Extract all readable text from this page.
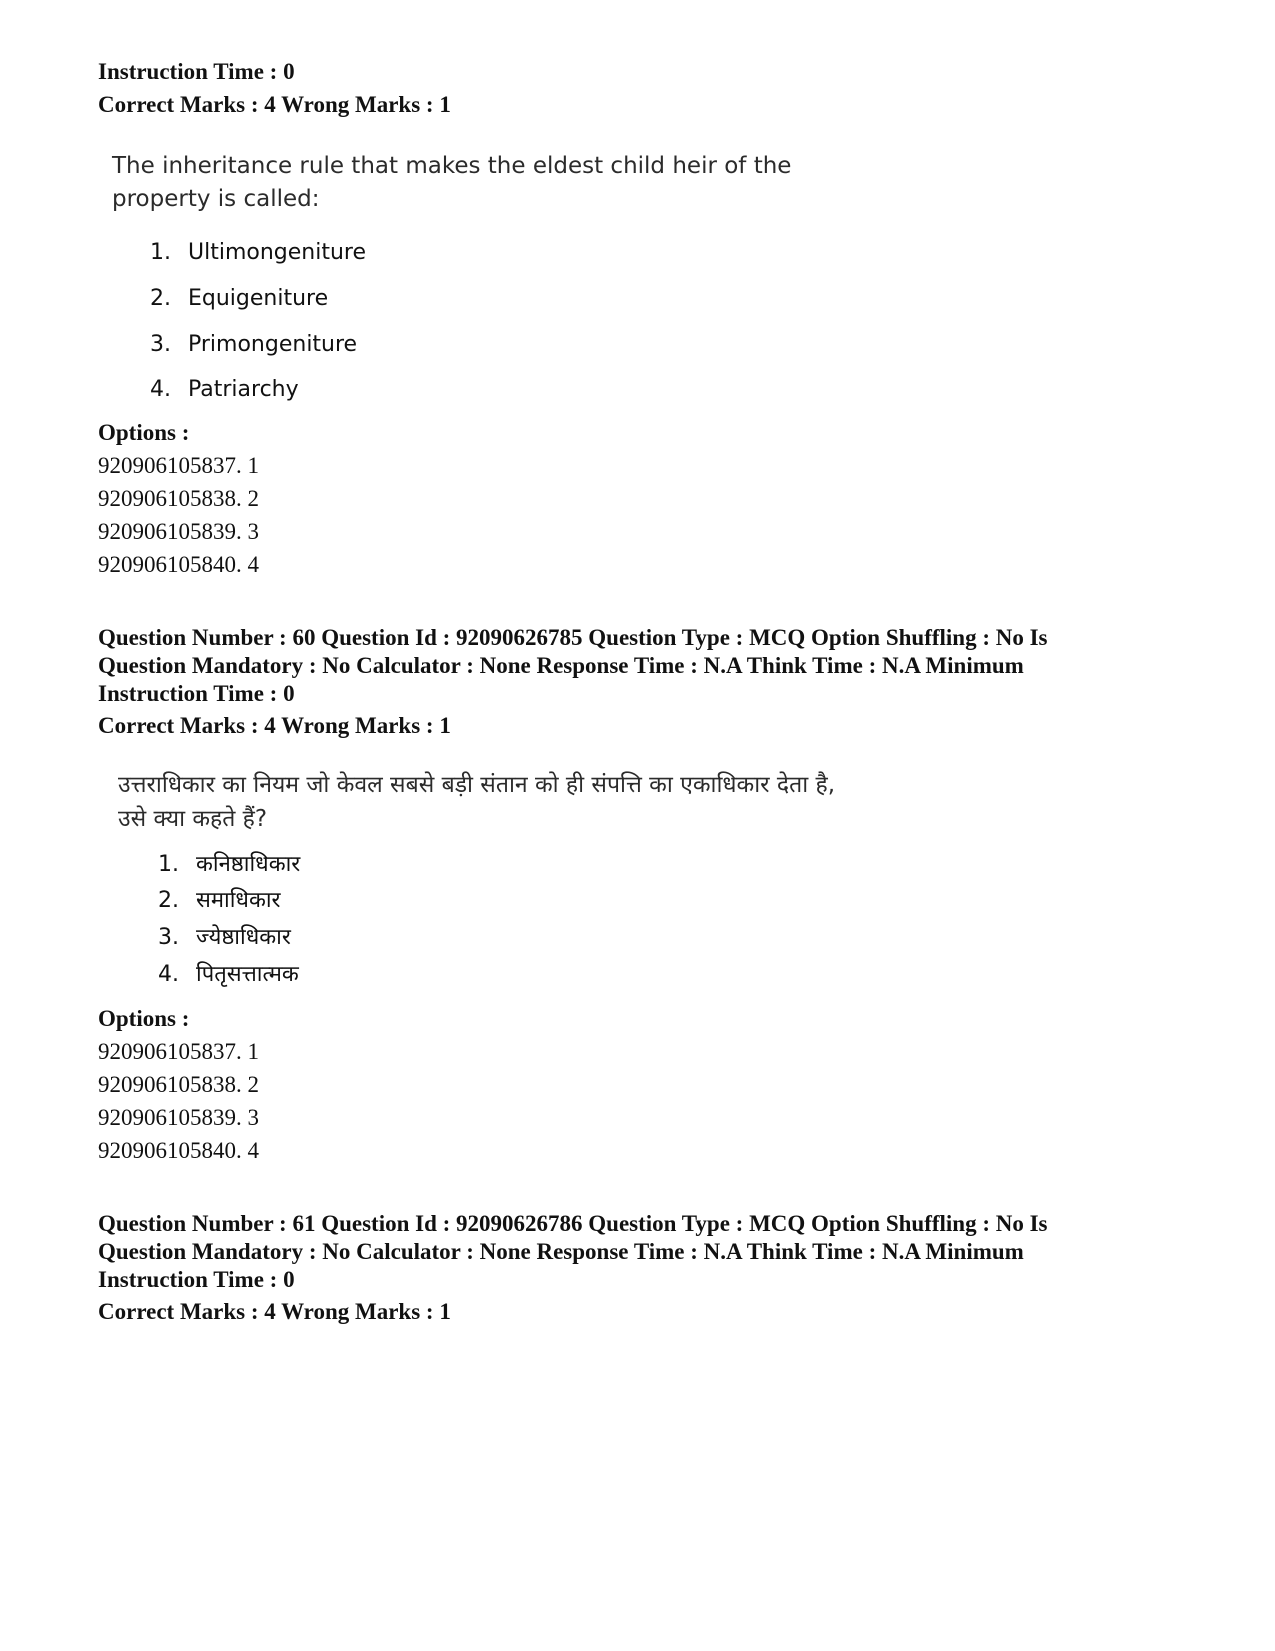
Instruction Time : 0
Correct Marks : 4 Wrong Marks : 1
The inheritance rule that makes the eldest child heir of the property is called:
1. Ultimongeniture
2. Equigeniture
3. Primongeniture
4. Patriarchy
Options :
920906105837. 1
920906105838. 2
920906105839. 3
920906105840. 4
Question Number : 60 Question Id : 92090626785 Question Type : MCQ Option Shuffling : No Is Question Mandatory : No Calculator : None Response Time : N.A Think Time : N.A Minimum Instruction Time : 0
Correct Marks : 4 Wrong Marks : 1
उत्तराधिकार का नियम जो केवल सबसे बड़ी संतान को ही संपत्ति का एकाधिकार देता है,
उसे क्या कहते हैं?
1. कनिष्ठाधिकार
2. समाधिकार
3. ज्येष्ठाधिकार
4. पितृसत्तात्मक
Options :
920906105837. 1
920906105838. 2
920906105839. 3
920906105840. 4
Question Number : 61 Question Id : 92090626786 Question Type : MCQ Option Shuffling : No Is Question Mandatory : No Calculator : None Response Time : N.A Think Time : N.A Minimum Instruction Time : 0
Correct Marks : 4 Wrong Marks : 1
